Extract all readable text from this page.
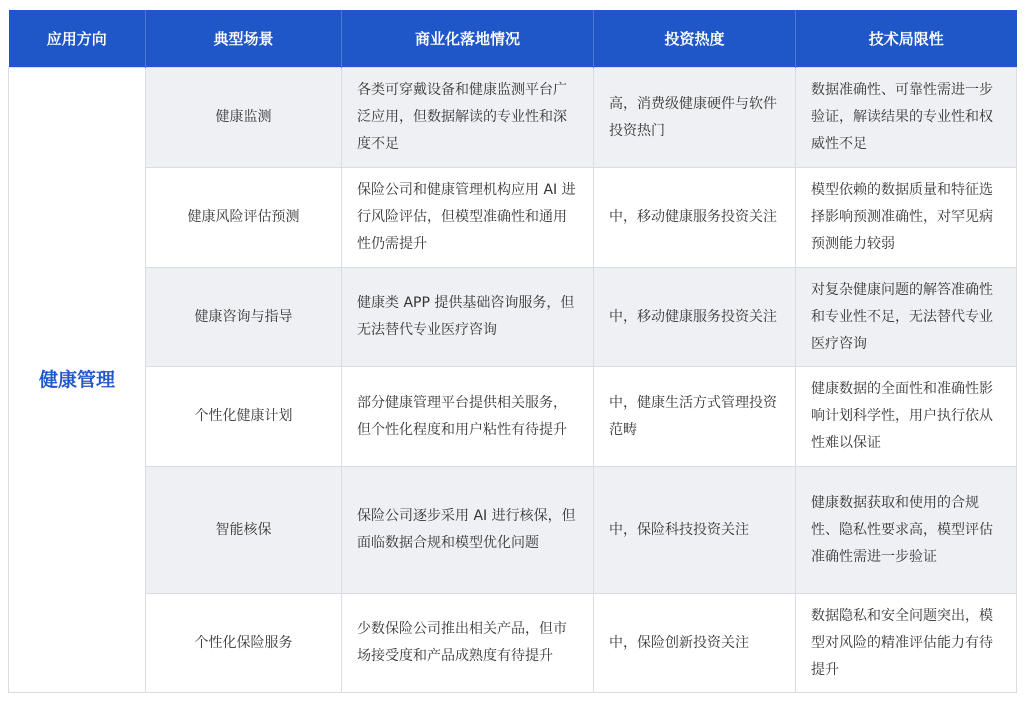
应用方向	典型场景	商业化落地情况	投资热度	技术局限性
健康管理	健康监测	各类可穿戴设备和健康监测平台广泛应用，但数据解读的专业性和深度不足	高，消费级健康硬件与软件投资热门	数据准确性、可靠性需进一步验证，解读结果的专业性和权威性不足
	健康风险评估预测	保险公司和健康管理机构应用 AI 进行风险评估，但模型准确性和通用性仍需提升	中，移动健康服务投资关注	模型依赖的数据质量和特征选择影响预测准确性，对罕见病预测能力较弱
	健康咨询与指导	健康类 APP 提供基础咨询服务，但无法替代专业医疗咨询	中，移动健康服务投资关注	对复杂健康问题的解答准确性和专业性不足，无法替代专业医疗咨询
	个性化健康计划	部分健康管理平台提供相关服务，但个性化程度和用户粘性有待提升	中，健康生活方式管理投资范畴	健康数据的全面性和准确性影响计划科学性，用户执行依从性难以保证
	智能核保	保险公司逐步采用 AI 进行核保，但面临数据合规和模型优化问题	中，保险科技投资关注	健康数据获取和使用的合规性、隐私性要求高，模型评估准确性需进一步验证
	个性化保险服务	少数保险公司推出相关产品，但市场接受度和产品成熟度有待提升	中，保险创新投资关注	数据隐私和安全问题突出，模型对风险的精准评估能力有待提升
